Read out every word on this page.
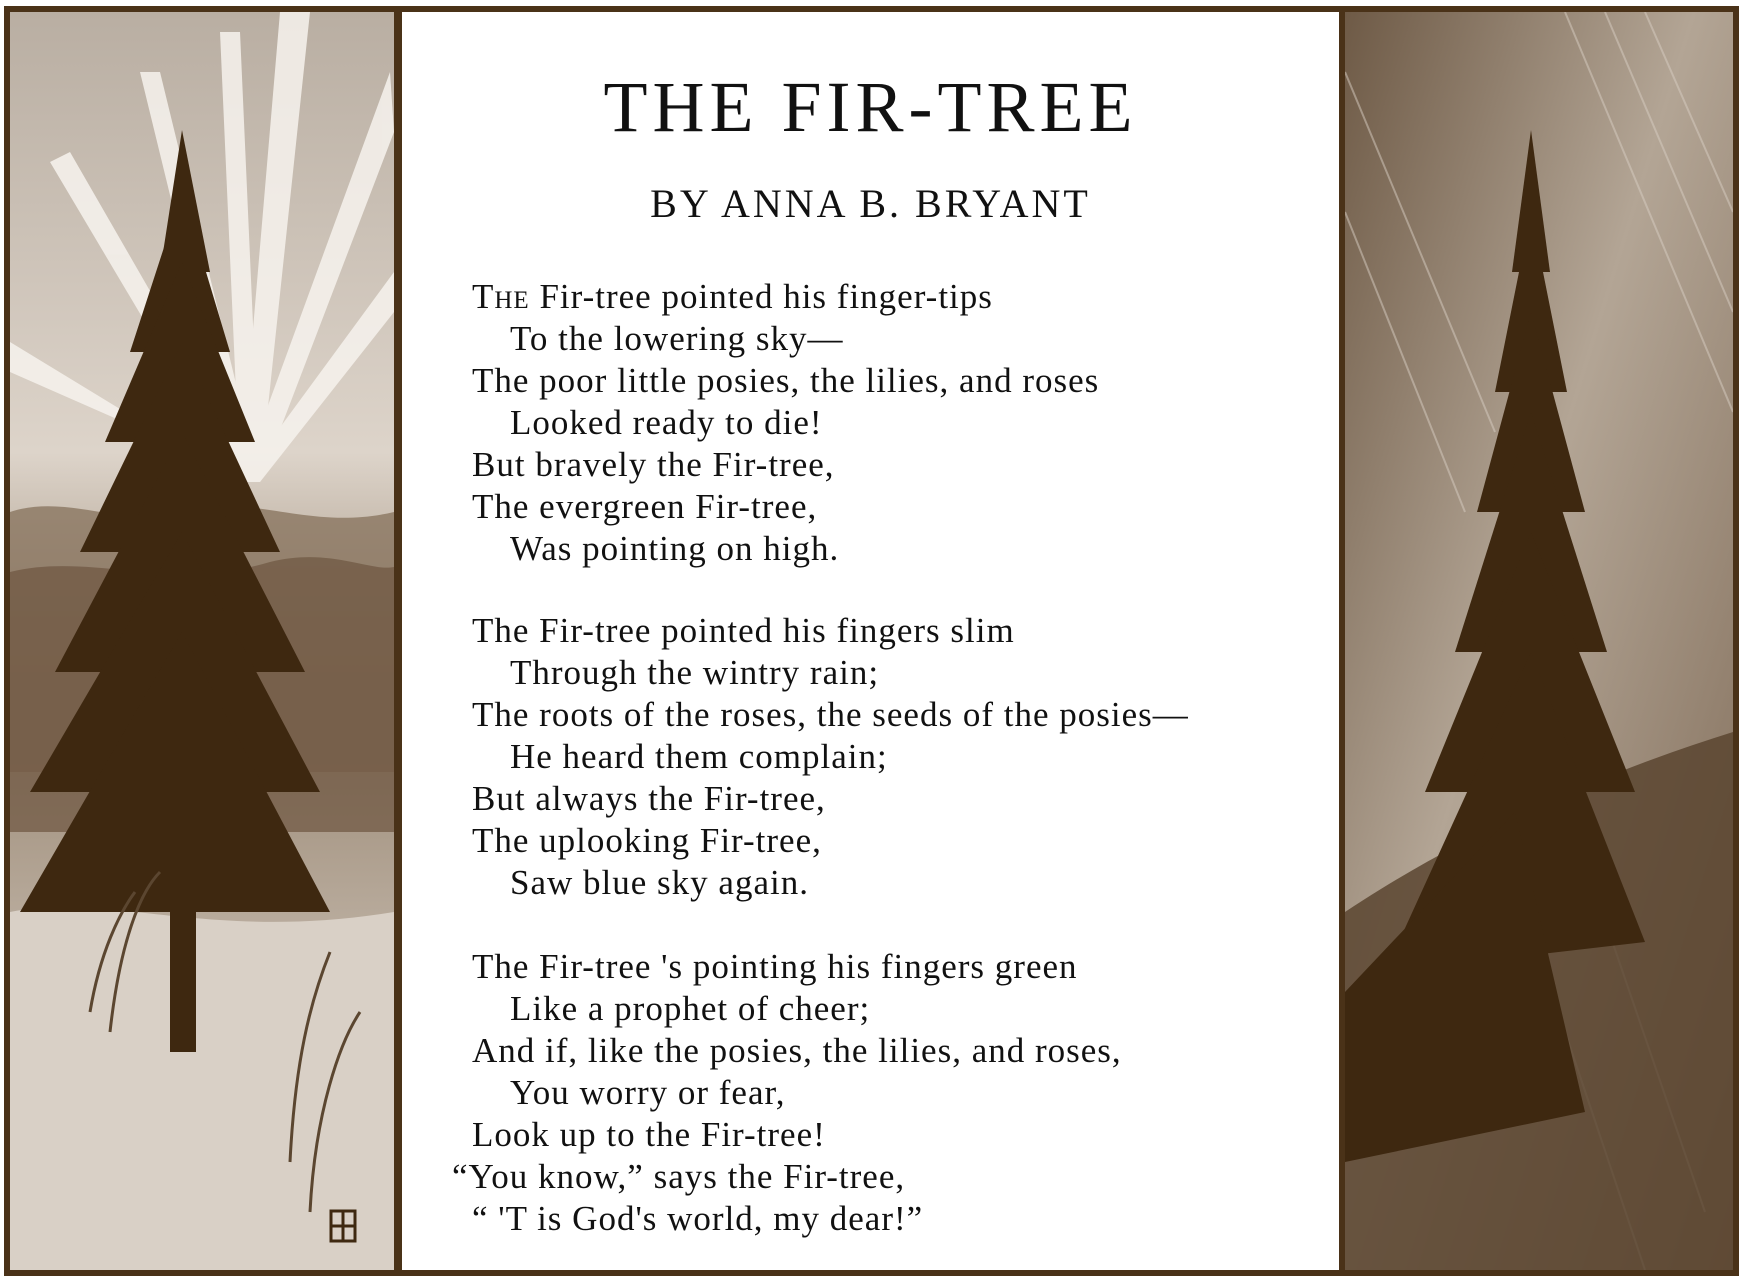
THE FIR-TREE
BY ANNA B. BRYANT
The Fir-tree pointed his finger-tips
To the lowering sky—
The poor little posies, the lilies, and roses
Looked ready to die!
But bravely the Fir-tree,
The evergreen Fir-tree,
Was pointing on high.
The Fir-tree pointed his fingers slim
Through the wintry rain;
The roots of the roses, the seeds of the posies—
He heard them complain;
But always the Fir-tree,
The uplooking Fir-tree,
Saw blue sky again.
The Fir-tree 's pointing his fingers green
Like a prophet of cheer;
And if, like the posies, the lilies, and roses,
You worry or fear,
Look up to the Fir-tree!
“You know,” says the Fir-tree,
“ 'T is God's world, my dear!”
